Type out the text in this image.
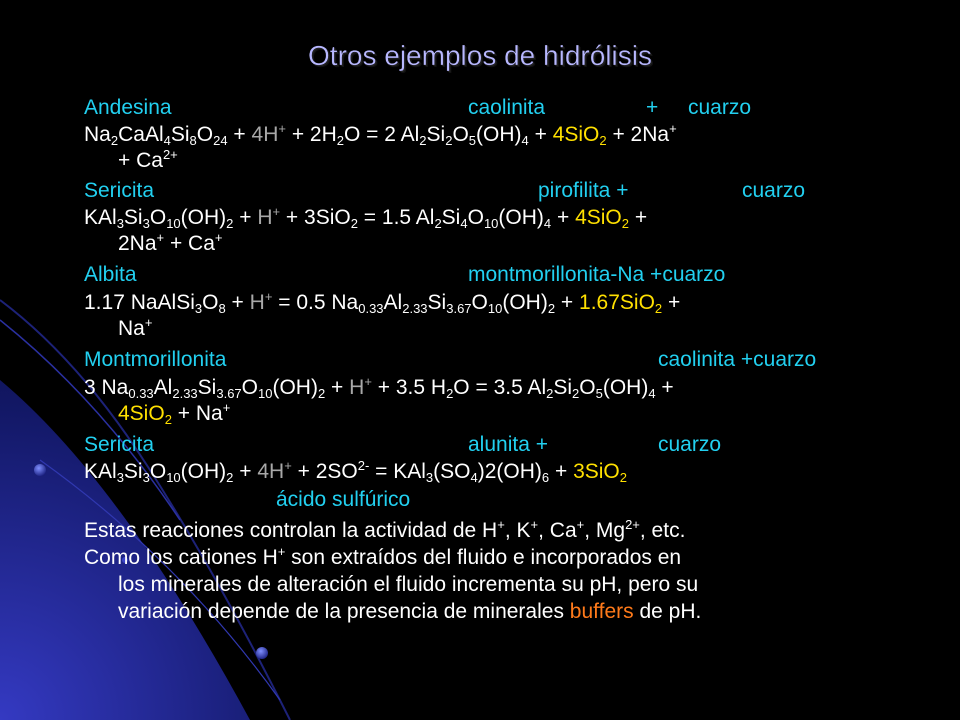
Otros ejemplos de hidrólisis
Andesina	caolinita	+ cuarzo
$Na_2CaAl_4Si_8O_{24} + 4H^+ + 2H_2O = 2$ $Al_2Si_2O_5(OH)_4 + 4SiO_2 + 2Na^+$
+ $Ca^{2+}$
Sericita	pirofilita +	cuarzo
$KAl_3Si_3O_{10}(OH)_2 + H^+ + 3SiO_2 = 1.5$ $Al_2Si_4O_{10}(OH)_4 + 4SiO_2$ +
2Na+ + Ca+
Albita	montmorillonita-Na +cuarzo
1.17 $NaAlSi_3O_8 + H^+ = 0.5$ $Na_{0.33}Al_{2.33}Si_{3.67}O_{10}(OH)_2 + 1.67SiO_2$ +
Na+
Montmorillonita	caolinita +cuarzo
3 $Na_{0.33}Al_{2.33}Si_{3.67}O_{10}(OH)_2 + H^+ + 3.5$ $H_2O = 3.5$ $Al_2Si_2O_5(OH)_4$ +
4SiO$_2$ + Na+
Sericita	alunita +	cuarzo
$KAl_3Si_3O_{10}(OH)_2 + 4H^+ + 2SO^{2-} = KAl_3(SO_4)2(OH)_6 + 3SiO_2$
ácido sulfúrico
Estas reacciones controlan la actividad de H+, K+, Ca+, $Mg^{2+}$, etc.
Como los cationes H+ son extraídos del fluido e incorporados en
los minerales de alteración el fluido incrementa su pH, pero su
variación depende de la presencia de minerales buffers de pH.
